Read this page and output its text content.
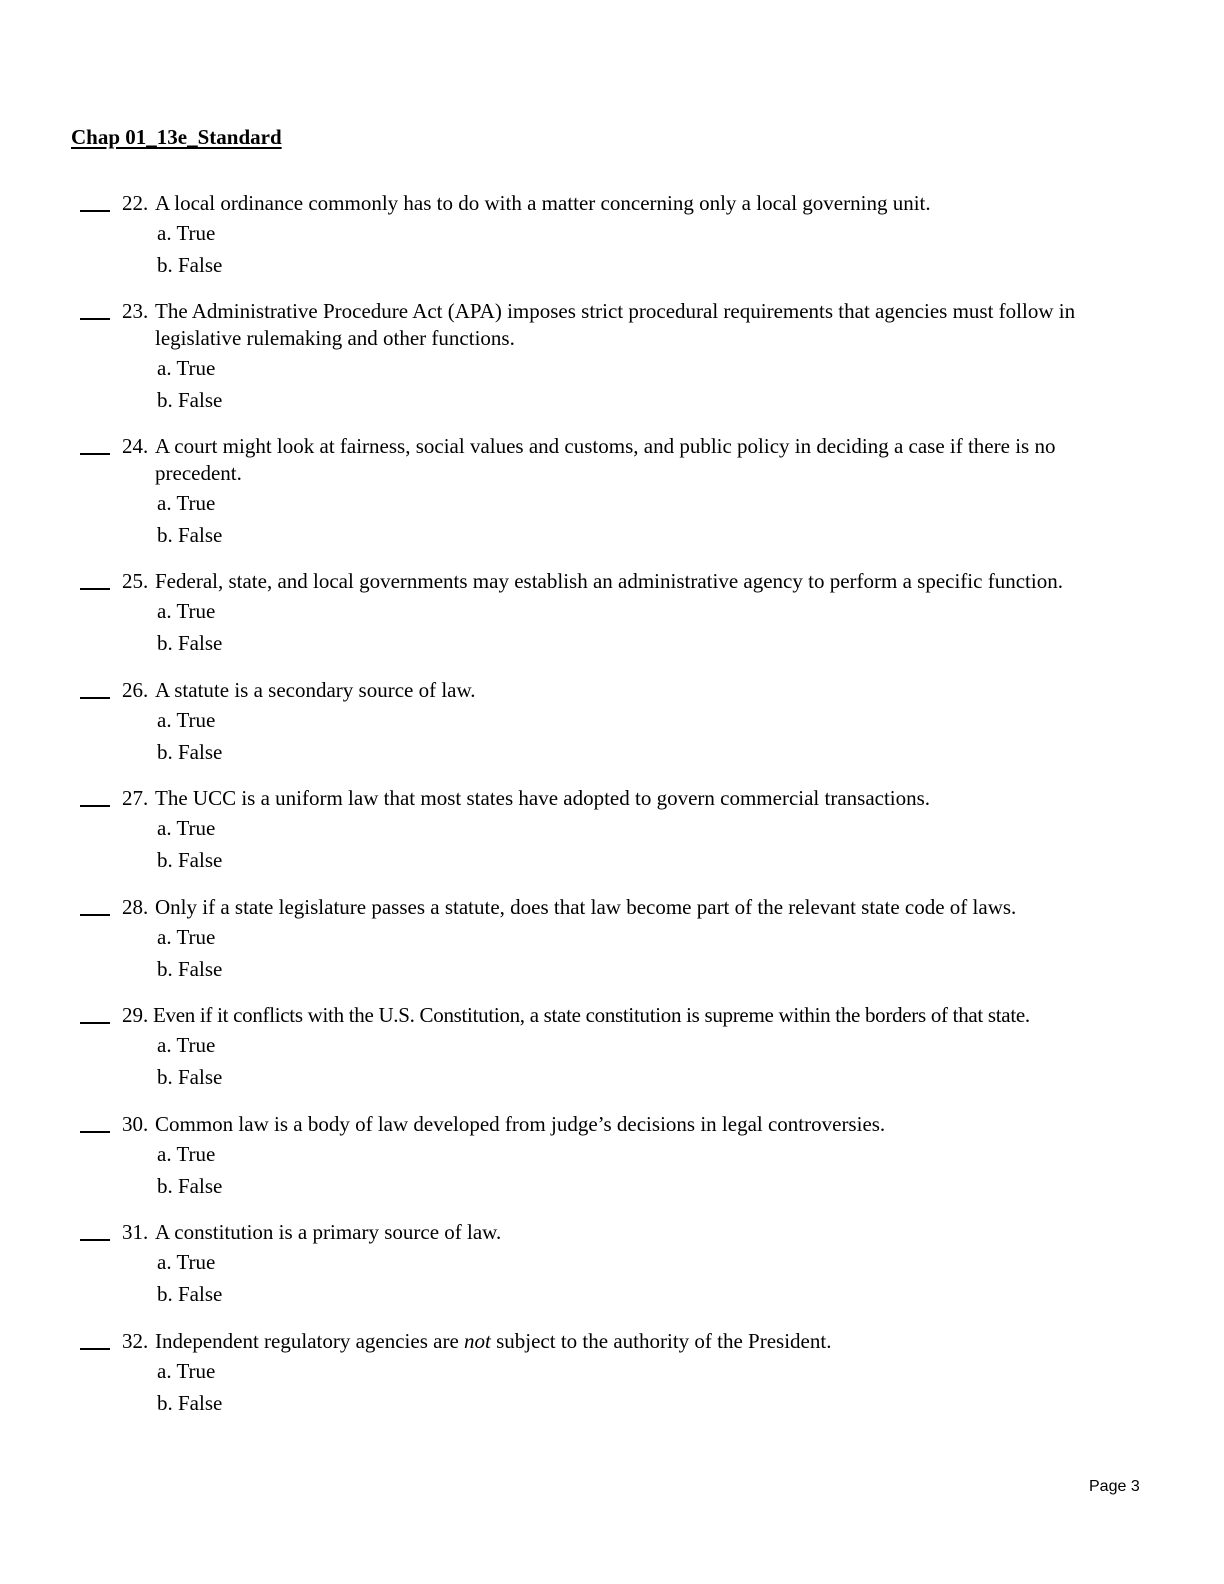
Chap 01_13e_Standard
22. A local ordinance commonly has to do with a matter concerning only a local governing unit.
a. True
b. False
23. The Administrative Procedure Act (APA) imposes strict procedural requirements that agencies must follow in legislative rulemaking and other functions.
a. True
b. False
24. A court might look at fairness, social values and customs, and public policy in deciding a case if there is no precedent.
a. True
b. False
25. Federal, state, and local governments may establish an administrative agency to perform a specific function.
a. True
b. False
26. A statute is a secondary source of law.
a. True
b. False
27. The UCC is a uniform law that most states have adopted to govern commercial transactions.
a. True
b. False
28. Only if a state legislature passes a statute, does that law become part of the relevant state code of laws.
a. True
b. False
29. Even if it conflicts with the U.S. Constitution, a state constitution is supreme within the borders of that state.
a. True
b. False
30. Common law is a body of law developed from judge’s decisions in legal controversies.
a. True
b. False
31. A constitution is a primary source of law.
a. True
b. False
32. Independent regulatory agencies are not subject to the authority of the President.
a. True
b. False
Page 3
